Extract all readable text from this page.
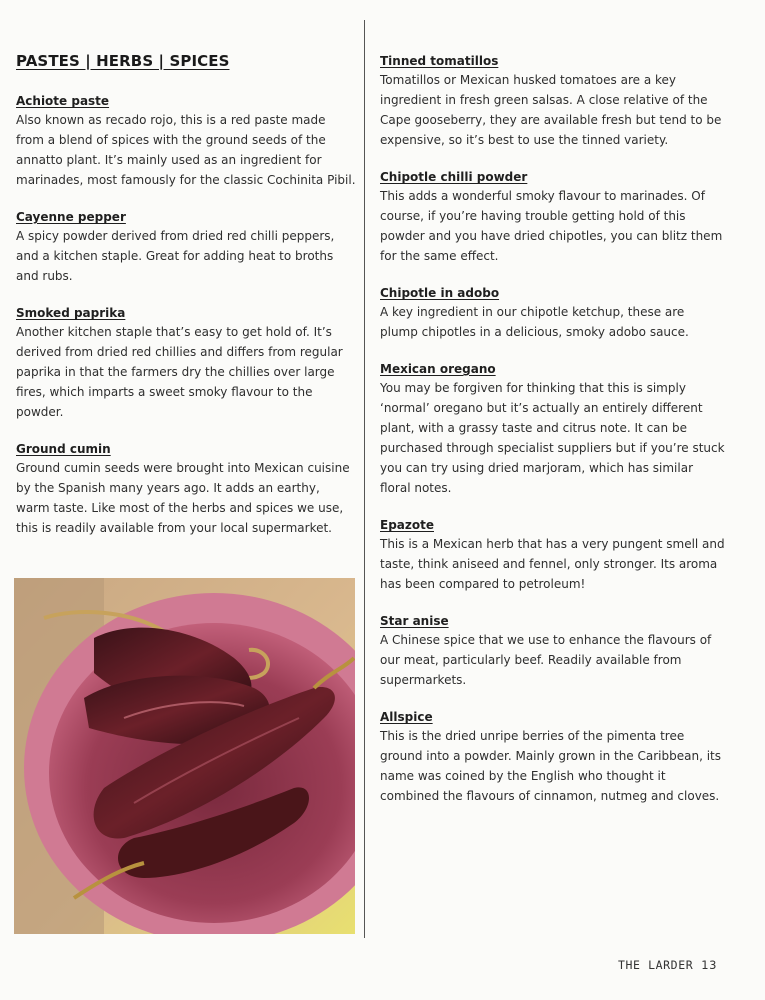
PASTES | HERBS | SPICES
Achiote paste

Also known as recado rojo, this is a red paste made from a blend of spices with the ground seeds of the annatto plant. It’s mainly used as an ingredient for marinades, most famously for the classic Cochinita Pibil.

Cayenne pepper

A spicy powder derived from dried red chilli peppers, and a kitchen staple. Great for adding heat to broths and rubs.

Smoked paprika

Another kitchen staple that’s easy to get hold of. It’s derived from dried red chillies and differs from regular paprika in that the farmers dry the chillies over large fires, which imparts a sweet smoky flavour to the powder.

Ground cumin

Ground cumin seeds were brought into Mexican cuisine by the Spanish many years ago. It adds an earthy, warm taste. Like most of the herbs and spices we use, this is readily available from your local supermarket.

Tinned tomatillos

Tomatillos or Mexican husked tomatoes are a key ingredient in fresh green salsas. A close relative of the Cape gooseberry, they are available fresh but tend to be expensive, so it’s best to use the tinned variety.

Chipotle chilli powder

This adds a wonderful smoky flavour to marinades. Of course, if you’re having trouble getting hold of this powder and you have dried chipotles, you can blitz them for the same effect.

Chipotle in adobo

A key ingredient in our chipotle ketchup, these are plump chipotles in a delicious, smoky adobo sauce.

Mexican oregano

You may be forgiven for thinking that this is simply ‘normal’ oregano but it’s actually an entirely different plant, with a grassy taste and citrus note. It can be purchased through specialist suppliers but if you’re stuck you can try using dried marjoram, which has similar floral notes.

Epazote

This is a Mexican herb that has a very pungent smell and taste, think aniseed and fennel, only stronger. Its aroma has been compared to petroleum!

Star anise

A Chinese spice that we use to enhance the flavours of our meat, particularly beef. Readily available from supermarkets.

Allspice

This is the dried unripe berries of the pimenta tree ground into a powder. Mainly grown in the Caribbean, its name was coined by the English who thought it combined the flavours of cinnamon, nutmeg and cloves.

THE LARDER 13
